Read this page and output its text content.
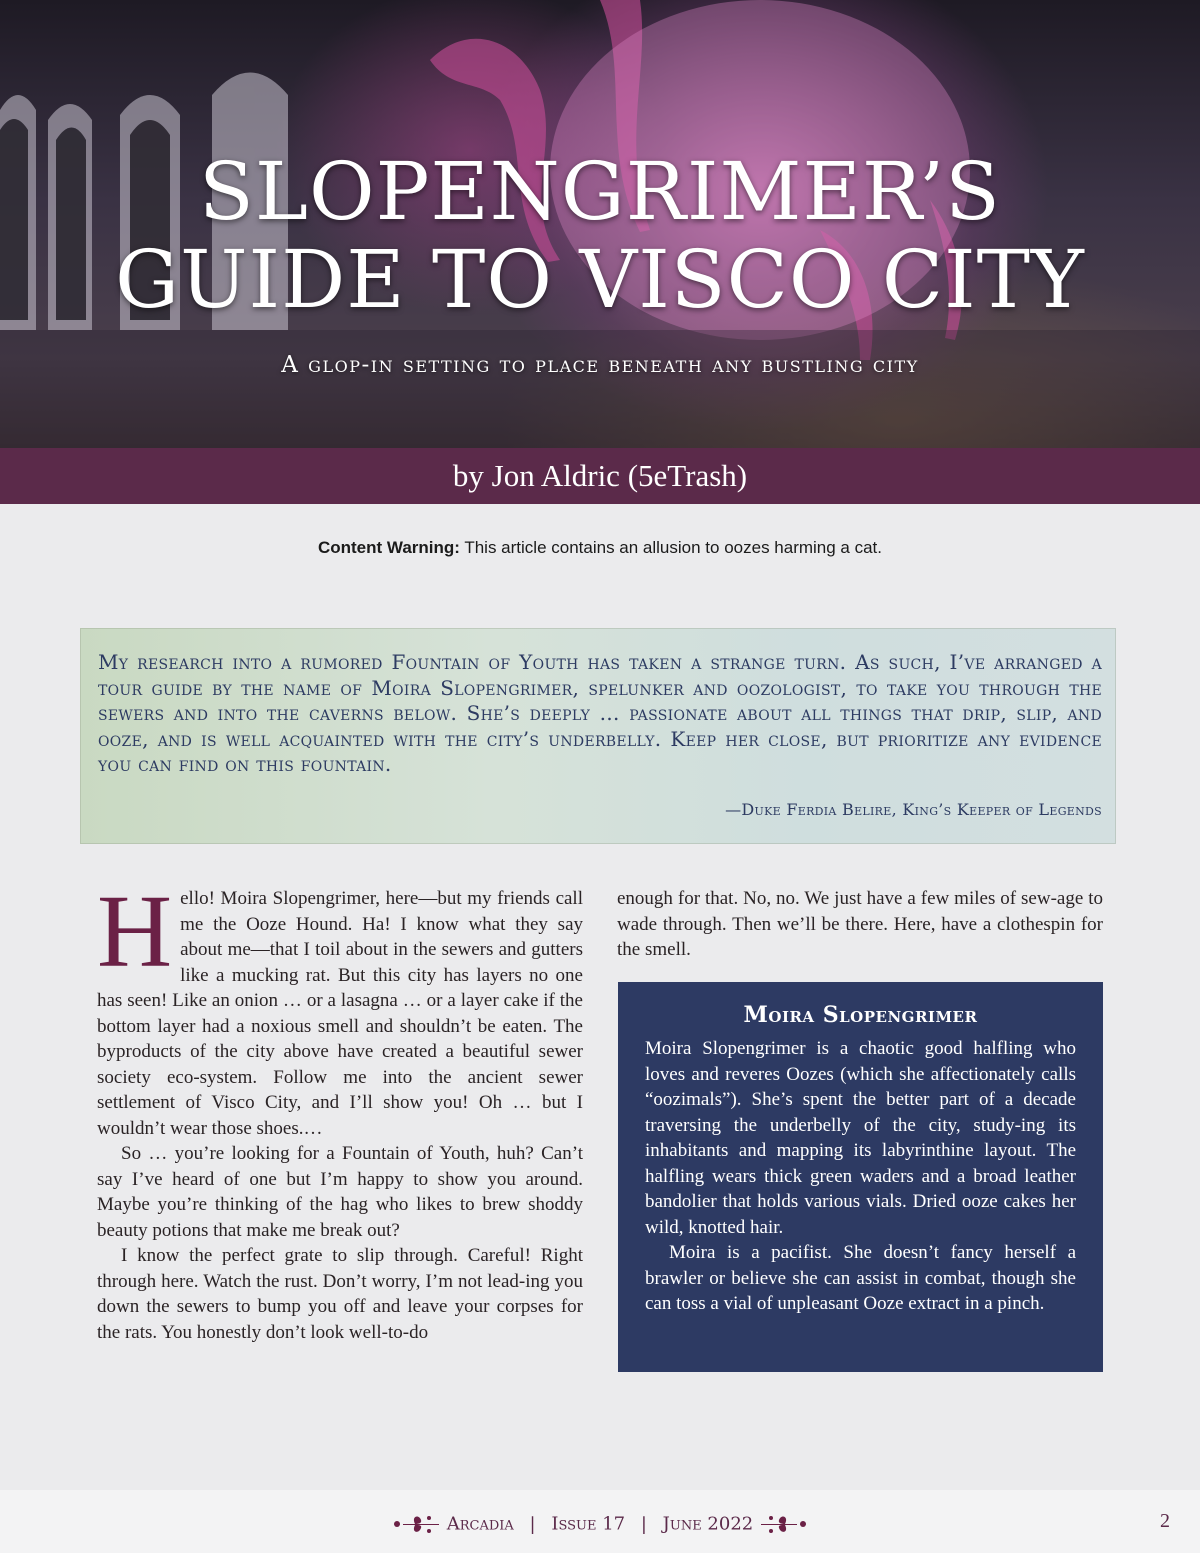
SLOPENGRIMER’S
GUIDE TO VISCO CITY
A glop-in setting to place beneath any bustling city
by Jon Aldric (5eTrash)
Content Warning: This article contains an allusion to oozes harming a cat.
My research into a rumored Fountain of Youth has taken a strange turn. As such, I’ve arranged a tour guide by the name of Moira Slopengrimer, spelunker and oozologist, to take you through the sewers and into the caverns below. She’s deeply … passionate about all things that drip, slip, and ooze, and is well acquainted with the city’s underbelly. Keep her close, but prioritize any evidence you can find on this fountain.
—Duke Ferdia Belire, King’s Keeper of Legends

Hello! Moira Slopengrimer, here—but my friends call me the Ooze Hound. Ha! I know what they say about me—that I toil about in the sewers and gutters like a mucking rat. But this city has layers no one has seen! Like an onion … or a lasagna … or a layer cake if the bottom layer had a noxious smell and shouldn’t be eaten. The byproducts of the city above have created a beautiful sewer society eco-system. Follow me into the ancient sewer settlement of Visco City, and I’ll show you! Oh … but I wouldn’t wear those shoes.…

So … you’re looking for a Fountain of Youth, huh? Can’t say I’ve heard of one but I’m happy to show you around. Maybe you’re thinking of the hag who likes to brew shoddy beauty potions that make me break out?

I know the perfect grate to slip through. Careful! Right through here. Watch the rust. Don’t worry, I’m not lead-ing you down the sewers to bump you off and leave your corpses for the rats. You honestly don’t look well-to-do

enough for that. No, no. We just have a few miles of sew-age to wade through. Then we’ll be there. Here, have a clothespin for the smell.

Moira Slopengrimer

Moira Slopengrimer is a chaotic good halfling who loves and reveres Oozes (which she affectionately calls “oozimals”). She’s spent the better part of a decade traversing the underbelly of the city, study-ing its inhabitants and mapping its labyrinthine layout. The halfling wears thick green waders and a broad leather bandolier that holds various vials. Dried ooze cakes her wild, knotted hair.

Moira is a pacifist. She doesn’t fancy herself a brawler or believe she can assist in combat, though she can toss a vial of unpleasant Ooze extract in a pinch.

Arcadia | Issue 17 | June 2022	2
